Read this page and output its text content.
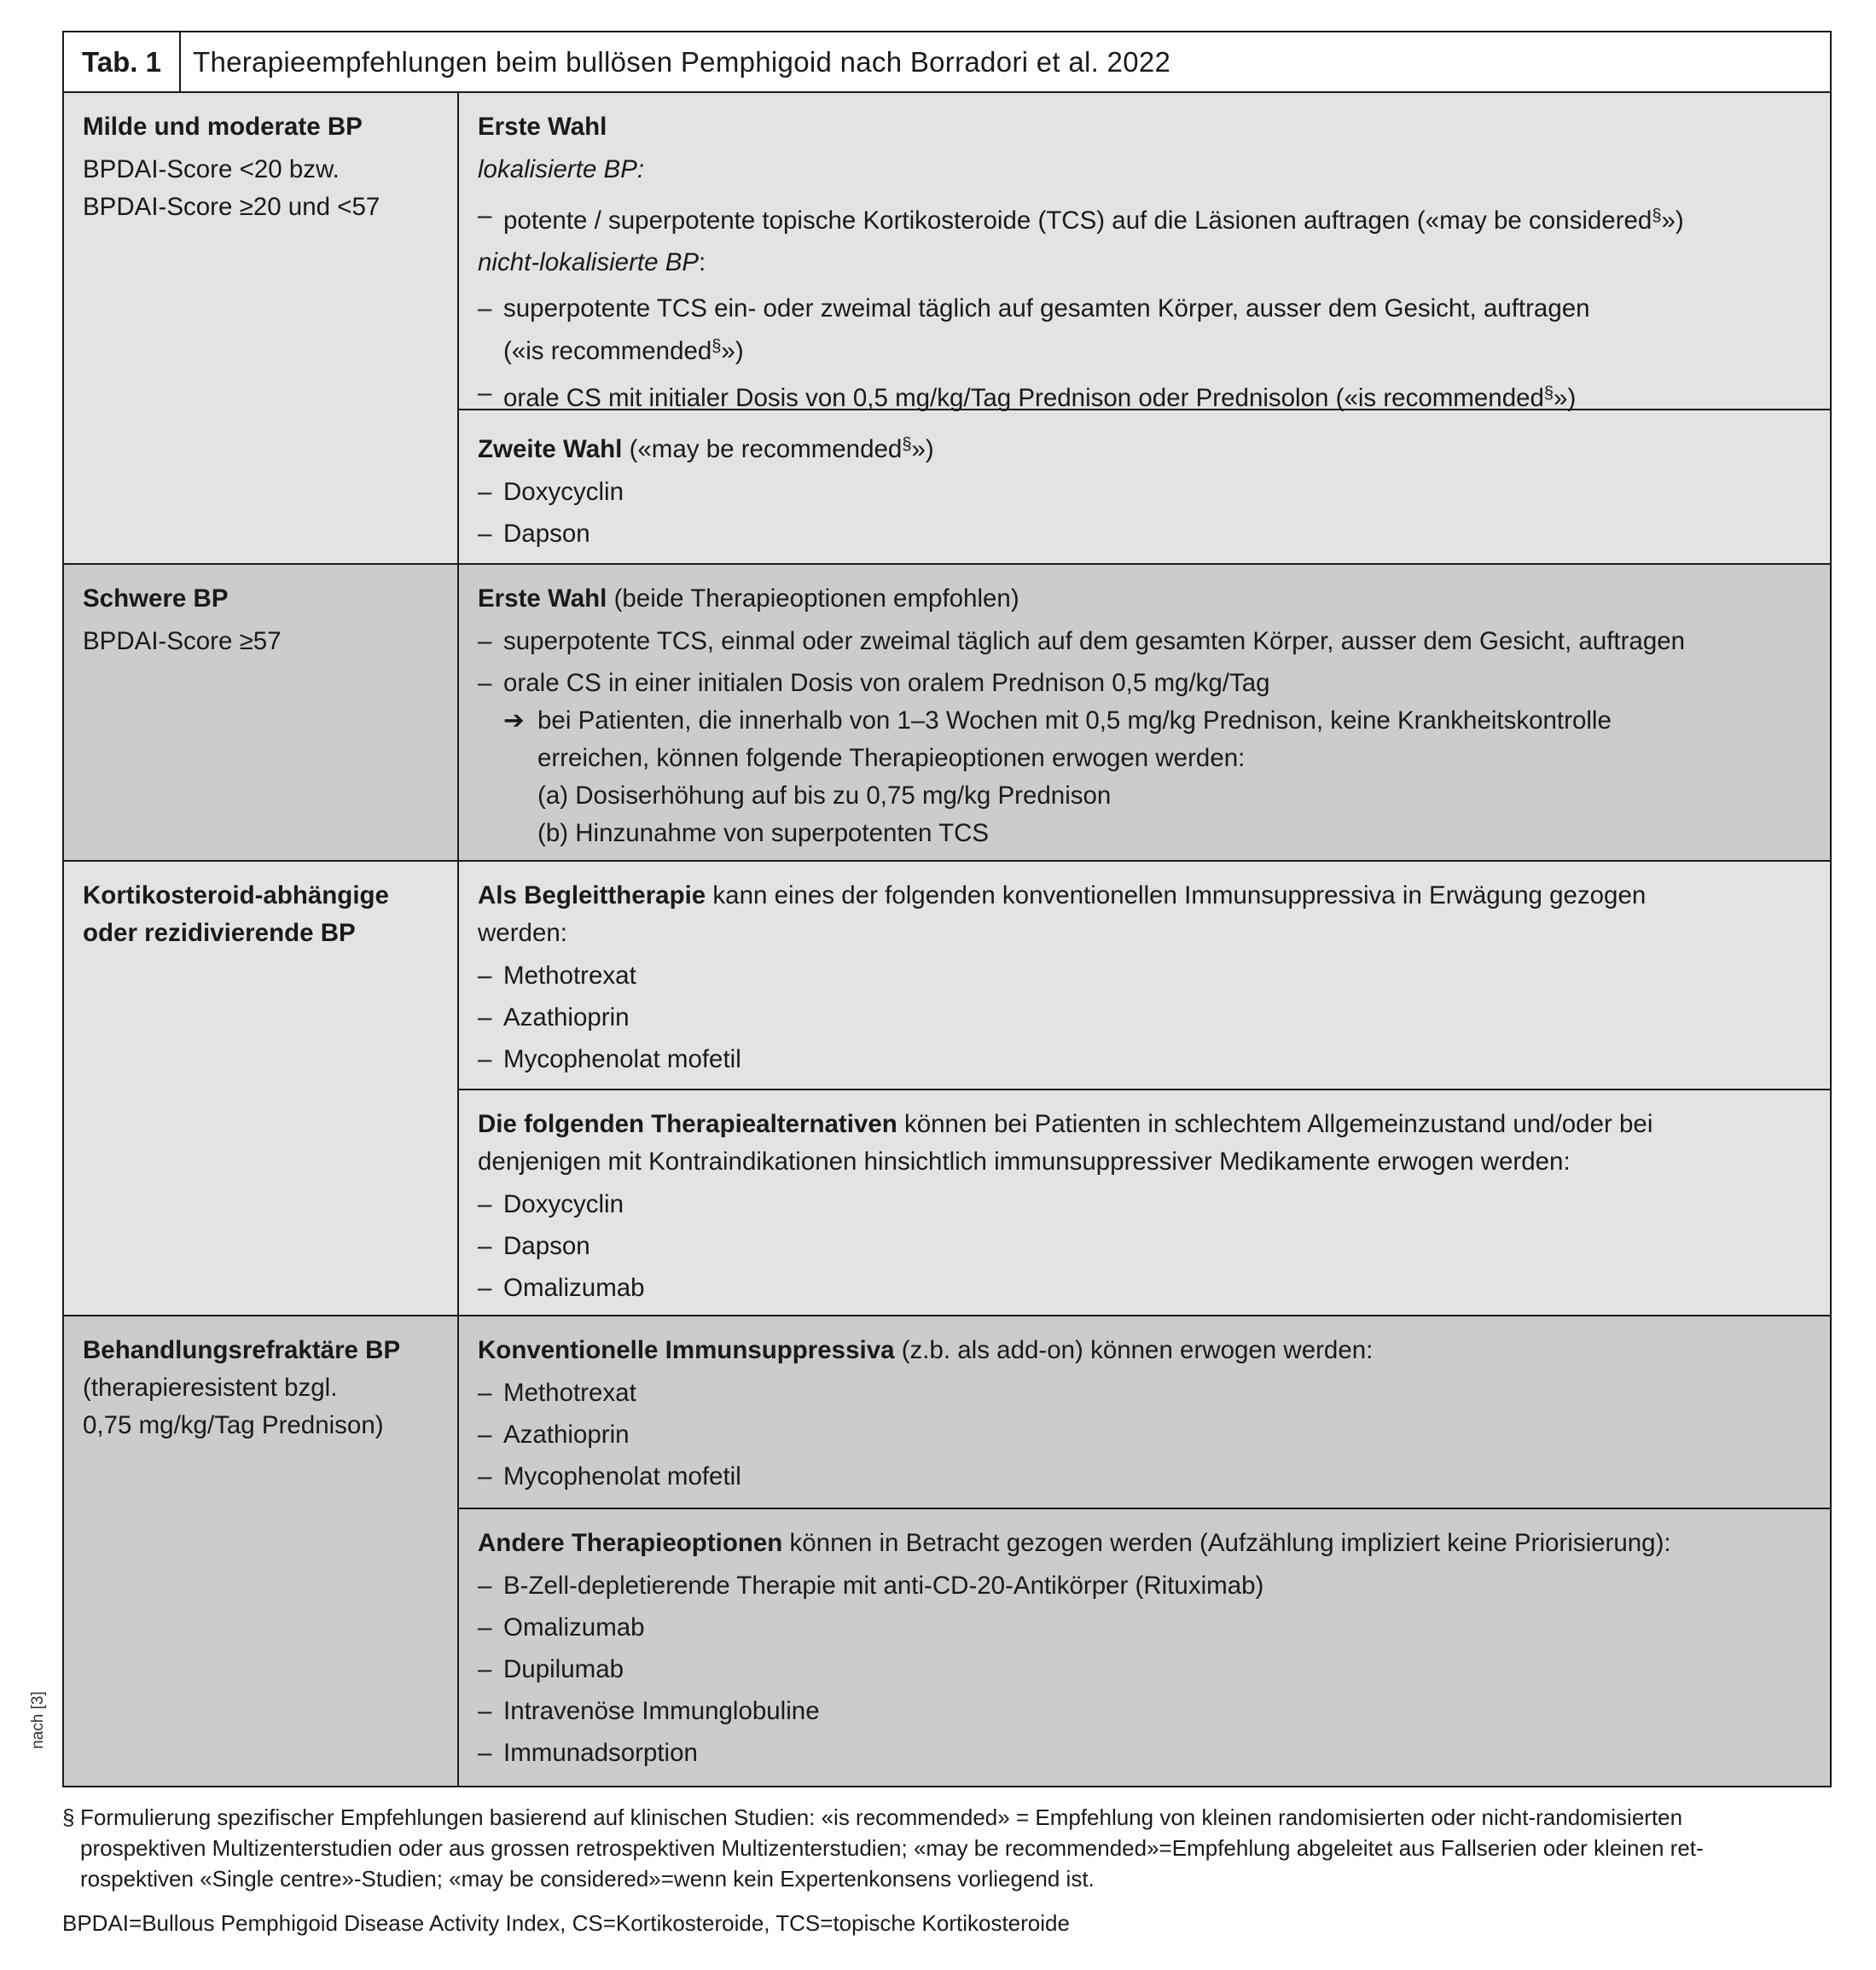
Tab. 1	Therapieempfehlungen beim bullösen Pemphigoid nach Borradori et al. 2022
Milde und moderate BP
BPDAI-Score <20 bzw.
BPDAI-Score ≥20 und <57
Erste Wahl
lokalisierte BP:
– potente / superpotente topische Kortikosteroide (TCS) auf die Läsionen auftragen («may be considered§»)
nicht-lokalisierte BP:
– superpotente TCS ein- oder zweimal täglich auf gesamten Körper, ausser dem Gesicht, auftragen
(«is recommended§»)
– orale CS mit initialer Dosis von 0,5 mg/kg/Tag Prednison oder Prednisolon («is recommended§»)
Zweite Wahl («may be recommended§»)
– Doxycyclin
– Dapson
Schwere BP
BPDAI-Score ≥57
Erste Wahl (beide Therapieoptionen empfohlen)
– superpotente TCS, einmal oder zweimal täglich auf dem gesamten Körper, ausser dem Gesicht, auftragen
– orale CS in einer initialen Dosis von oralem Prednison 0,5 mg/kg/Tag
➔ bei Patienten, die innerhalb von 1–3 Wochen mit 0,5 mg/kg Prednison, keine Krankheitskontrolle
erreichen, können folgende Therapieoptionen erwogen werden:
(a) Dosiserhöhung auf bis zu 0,75 mg/kg Prednison
(b) Hinzunahme von superpotenten TCS
Kortikosteroid-abhängige
oder rezidivierende BP
Als Begleittherapie kann eines der folgenden konventionellen Immunsuppressiva in Erwägung gezogen
werden:
– Methotrexat
– Azathioprin
– Mycophenolat mofetil
Die folgenden Therapiealternativen können bei Patienten in schlechtem Allgemeinzustand und/oder bei
denjenigen mit Kontraindikationen hinsichtlich immunsuppressiver Medikamente erwogen werden:
– Doxycyclin
– Dapson
– Omalizumab
Behandlungsrefraktäre BP
(therapieresistent bzgl.
0,75 mg/kg/Tag Prednison)
Konventionelle Immunsuppressiva (z.b. als add-on) können erwogen werden:
– Methotrexat
– Azathioprin
– Mycophenolat mofetil
Andere Therapieoptionen können in Betracht gezogen werden (Aufzählung impliziert keine Priorisierung):
– B-Zell-depletierende Therapie mit anti-CD-20-Antikörper (Rituximab)
– Omalizumab
– Dupilumab
– Intravenöse Immunglobuline
– Immunadsorption
nach [3]
§ Formulierung spezifischer Empfehlungen basierend auf klinischen Studien: «is recommended» = Empfehlung von kleinen randomisierten oder nicht-randomisierten
prospektiven Multizenterstudien oder aus grossen retrospektiven Multizenterstudien; «may be recommended»=Empfehlung abgeleitet aus Fallserien oder kleinen ret-
rospektiven «Single centre»-Studien; «may be considered»=wenn kein Expertenkonsens vorliegend ist.
BPDAI=Bullous Pemphigoid Disease Activity Index, CS=Kortikosteroide, TCS=topische Kortikosteroide
